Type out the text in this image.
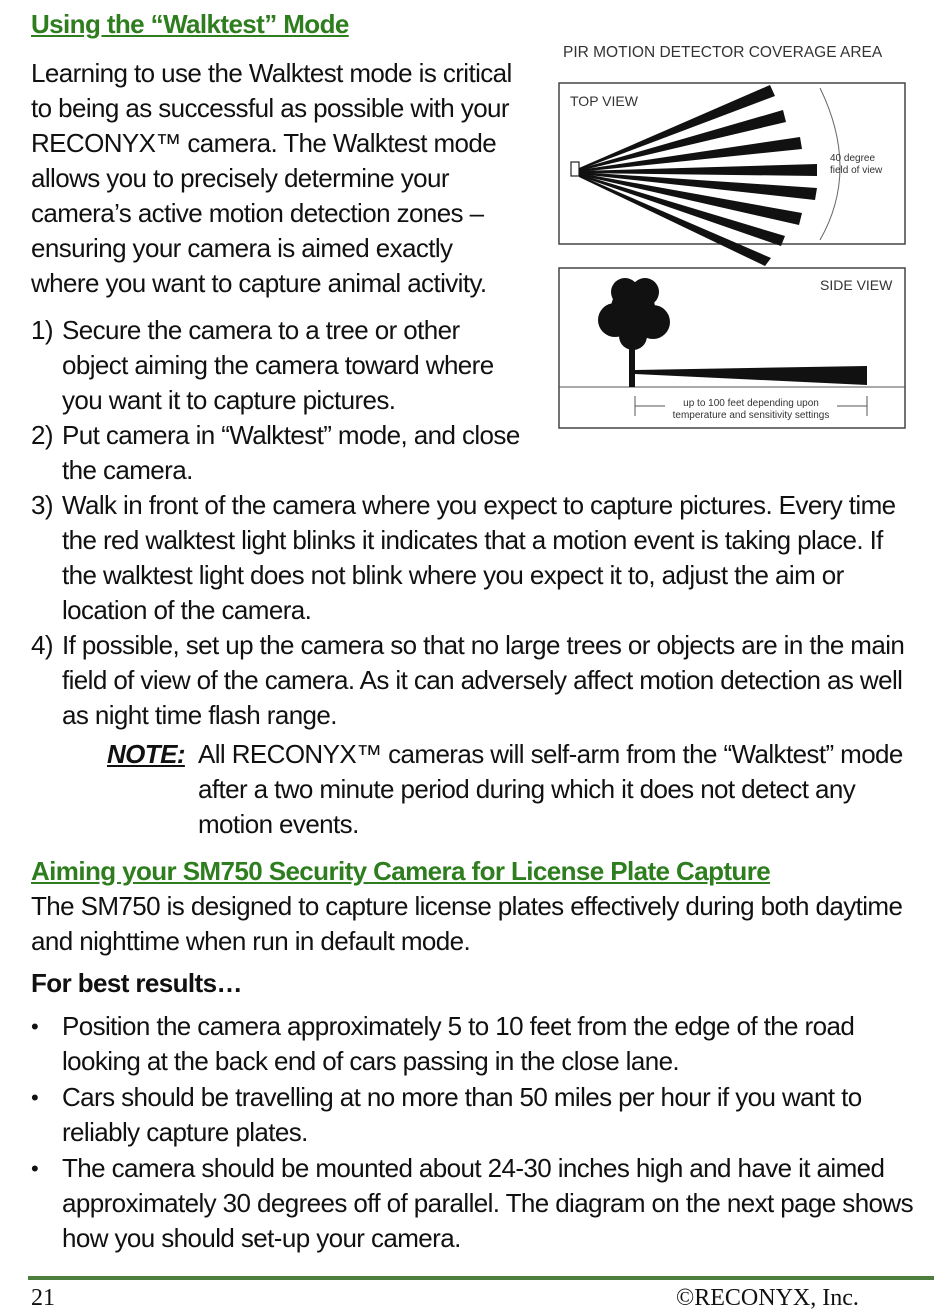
Using the “Walktest” Mode
Learning to use the Walktest mode is critical
to being as successful as possible with your
RECONYX™ camera. The Walktest mode
allows you to precisely determine your
camera’s active motion detection zones –
ensuring your camera is aimed exactly
where you want to capture animal activity.
1) Secure the camera to a tree or other
object aiming the camera toward where
you want it to capture pictures.
2) Put camera in “Walktest” mode, and close
the camera.
3) Walk in front of the camera where you expect to capture pictures. Every time
the red walktest light blinks it indicates that a motion event is taking place. If
the walktest light does not blink where you expect it to, adjust the aim or
location of the camera.
4) If possible, set up the camera so that no large trees or objects are in the main
field of view of the camera. As it can adversely affect motion detection as well
as night time flash range.
NOTE: All RECONYX™ cameras will self-arm from the “Walktest” mode
after a two minute period during which it does not detect any
motion events.
PIR MOTION DETECTOR COVERAGE AREA
TOP VIEW
40 degree
field of view
SIDE VIEW
up to 100 feet depending upon
temperature and sensitivity settings
Aiming your SM750 Security Camera for License Plate Capture
The SM750 is designed to capture license plates effectively during both daytime
and nighttime when run in default mode.
For best results…
• Position the camera approximately 5 to 10 feet from the edge of the road
looking at the back end of cars passing in the close lane.
• Cars should be travelling at no more than 50 miles per hour if you want to
reliably capture plates.
• The camera should be mounted about 24-30 inches high and have it aimed
approximately 30 degrees off of parallel. The diagram on the next page shows
how you should set-up your camera.
21	©RECONYX, Inc.
